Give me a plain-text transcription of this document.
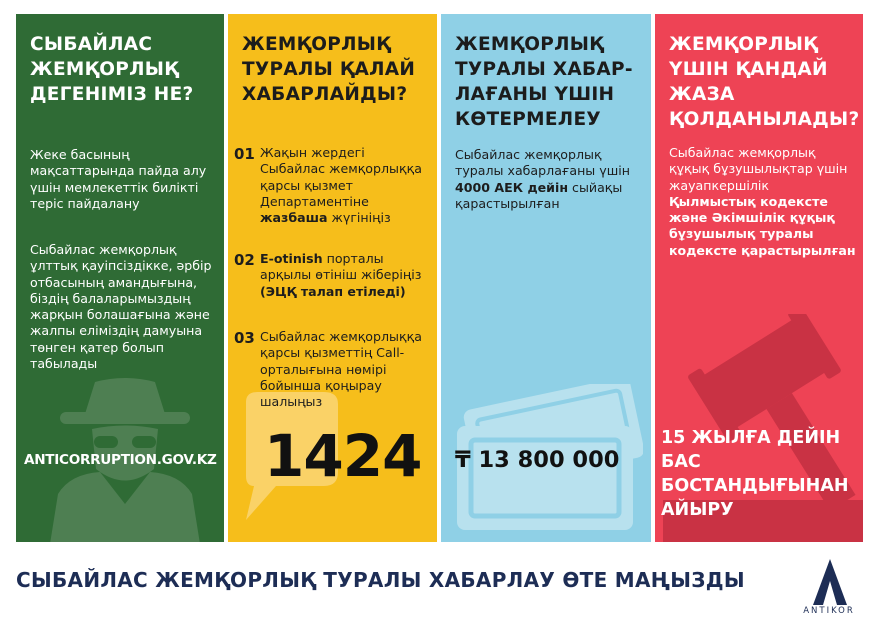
СЫБАЙЛАС ЖЕМҚОРЛЫҚ ДЕГЕНІМІЗ НЕ?
Жеке басының мақсаттарында пайда алу үшін мемлекеттік билікті теріс пайдалану
Сыбайлас жемқорлық ұлттық қауіпсіздікке, әрбір отбасының амандығына, біздің балаларымыздың жарқын болашағына және жалпы еліміздің дамуына төнген қатер болып табылады
ANTICORRUPTION.GOV.KZ
ЖЕМҚОРЛЫҚ ТУРАЛЫ ҚАЛАЙ ХАБАРЛАЙДЫ?
01 Жақын жердегі Сыбайлас жемқорлыққа қарсы қызмет Департаментіне жазбаша жүгініңіз
02 E-otinish порталы арқылы өтініш жіберіңіз (ЭЦҚ талап етіледі)
03 Сыбайлас жемқорлыққа қарсы қызметтің Call-орталығына нөмірі бойынша қоңырау шалыңыз
1424
ЖЕМҚОРЛЫҚ ТУРАЛЫ ХАБАР-ЛАҒАНЫ ҮШІН КӨТЕРМЕЛЕУ
Сыбайлас жемқорлық туралы хабарлағаны үшін 4000 АЕК дейін сыйақы қарастырылған
₸ 13 800 000
ЖЕМҚОРЛЫҚ ҮШІН ҚАНДАЙ ЖАЗА ҚОЛДАНЫЛАДЫ?
Сыбайлас жемқорлық құқық бұзушылықтар үшін жауапкершілік Қылмыстық кодексте және Әкімшілік құқық бұзушылық туралы кодексте қарастырылған
15 ЖЫЛҒА ДЕЙІН БАС БОСТАНДЫҒЫНАН АЙЫРУ
СЫБАЙЛАС ЖЕМҚОРЛЫҚ ТУРАЛЫ ХАБАРЛАУ ӨТЕ МАҢЫЗДЫ
ANTIKOR
